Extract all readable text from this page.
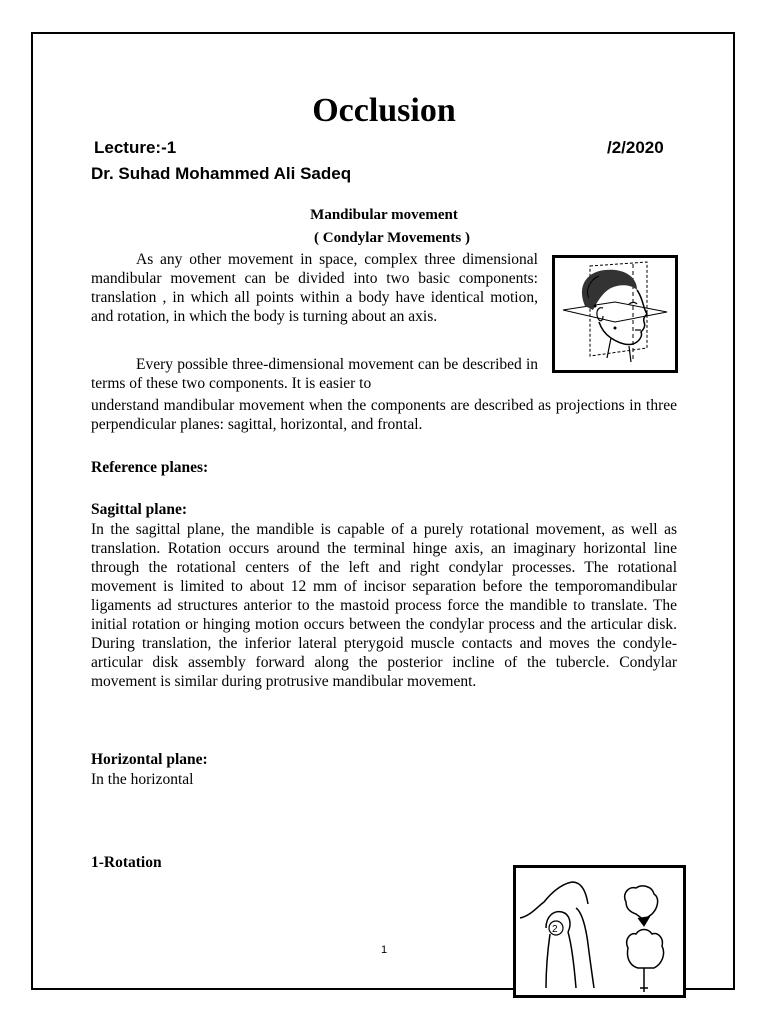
Occlusion
Lecture:-1	/2/2020
Dr. Suhad Mohammed Ali Sadeq
Mandibular movement
( Condylar Movements )
As any other movement in space, complex three dimensional mandibular movement can be divided into two basic components: translation , in which all points within a body have identical motion, and rotation, in which the body is turning about an axis.
Every possible three-dimensional movement can be described in terms of these two components. It is easier to
understand mandibular movement when the components are described as projections in three perpendicular planes: sagittal, horizontal, and frontal.
Reference planes:
Sagittal plane:
In the sagittal plane, the mandible is capable of a purely rotational movement, as well as translation. Rotation occurs around the terminal hinge axis, an imaginary horizontal line through the rotational centers of the left and right condylar processes. The rotational movement is limited to about 12 mm of incisor separation before the temporomandibular ligaments ad structures anterior to the mastoid process force the mandible to translate. The initial rotation or hinging motion occurs between the condylar process and the articular disk. During translation, the inferior lateral pterygoid muscle contacts and moves the condyle-articular disk assembly forward along the posterior incline of the tubercle. Condylar movement is similar during protrusive mandibular movement.
Horizontal plane:
In the horizontal
1-Rotation
1
2
